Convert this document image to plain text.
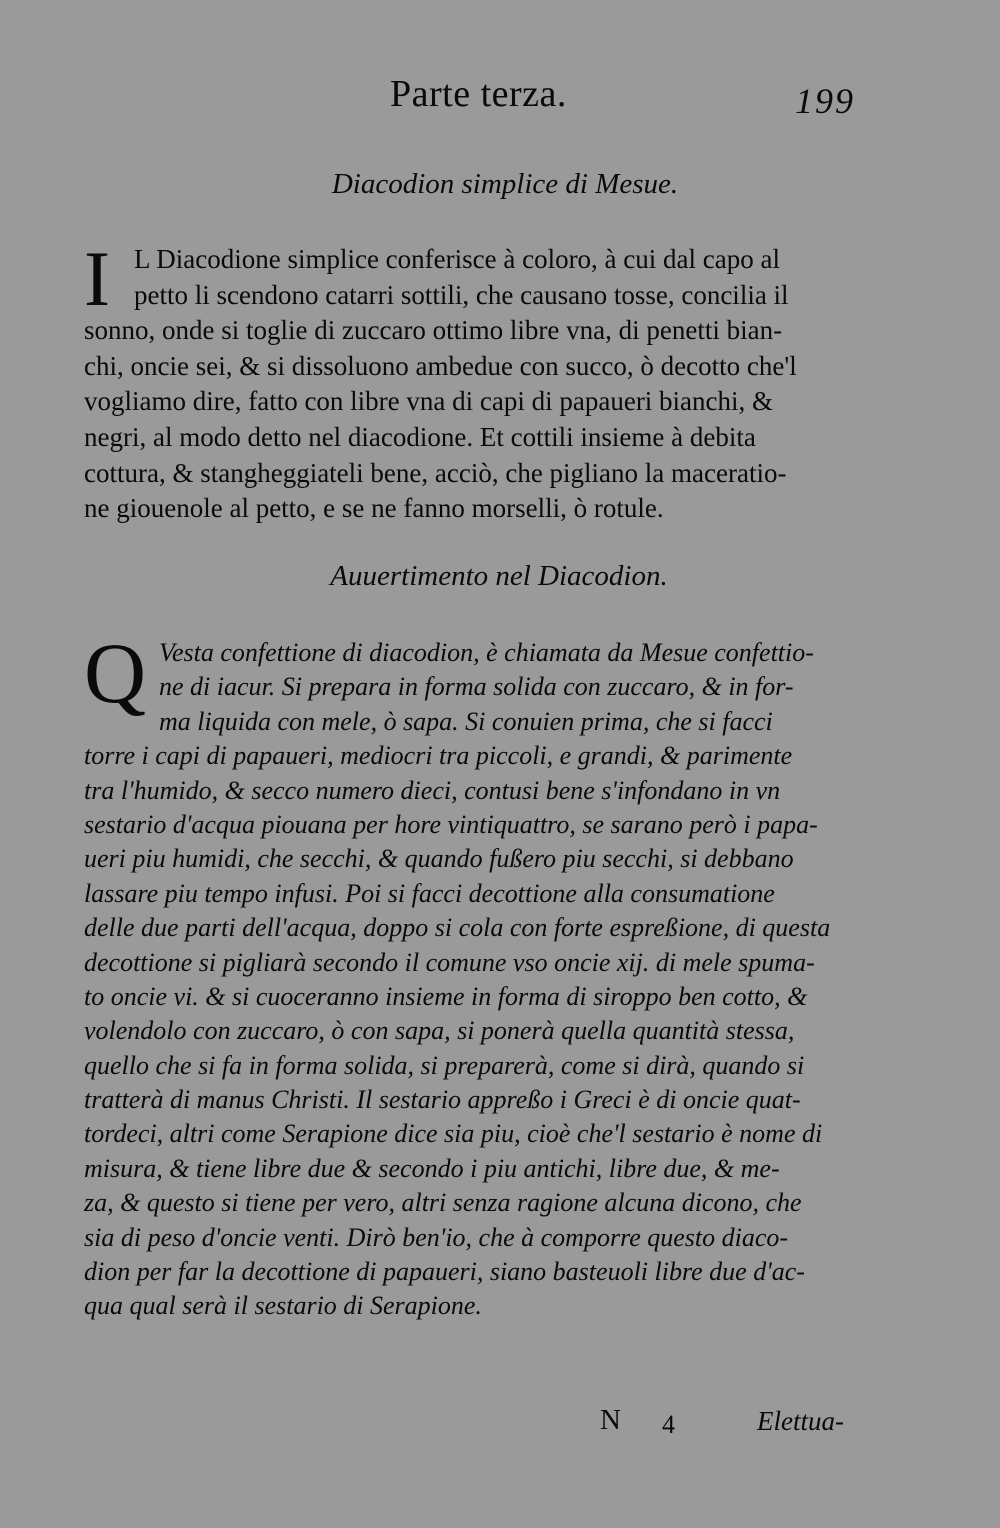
Parte terza.	199
Diacodion simplice di Mesue.
I L Diacodione simplice conferisce à coloro, à cui dal capo al
petto li scendono catarri sottili, che causano tosse, concilia il
sonno, onde si toglie di zuccaro ottimo libre vna, di penetti bian-
chi, oncie sei, & si dissoluono ambedue con succo, ò decotto che'l
vogliamo dire, fatto con libre vna di capi di papaueri bianchi, &
negri, al modo detto nel diacodione. Et cottili insieme à debita
cottura, & stangheggiateli bene, acciò, che pigliano la maceratio-
ne giouenole al petto, e se ne fanno morselli, ò rotule.
Auuertimento nel Diacodion.
Q Vesta confettione di diacodion, è chiamata da Mesue confettio-
ne di iacur. Si prepara in forma solida con zuccaro, & in for-
ma liquida con mele, ò sapa. Si conuien prima, che si facci
torre i capi di papaueri, mediocri tra piccoli, e grandi, & parimente
tra l'humido, & secco numero dieci, contusi bene s'infondano in vn
sestario d'acqua piouana per hore vintiquattro, se sarano però i papa-
ueri piu humidi, che secchi, & quando fußero piu secchi, si debbano
lassare piu tempo infusi. Poi si facci decottione alla consumatione
delle due parti dell'acqua, doppo si cola con forte espreßione, di questa
decottione si pigliarà secondo il comune vso oncie xij. di mele spuma-
to oncie vi. & si cuoceranno insieme in forma di siroppo ben cotto, &
volendolo con zuccaro, ò con sapa, si ponerà quella quantità stessa,
quello che si fa in forma solida, si preparerà, come si dirà, quando si
tratterà di manus Christi. Il sestario appreßo i Greci è di oncie quat-
tordeci, altri come Serapione dice sia piu, cioè che'l sestario è nome di
misura, & tiene libre due & secondo i piu antichi, libre due, & me-
za, & questo si tiene per vero, altri senza ragione alcuna dicono, che
sia di peso d'oncie venti. Dirò ben'io, che à comporre questo diaco-
dion per far la decottione di papaueri, siano basteuoli libre due d'ac-
qua qual serà il sestario di Serapione.
N 4	Elettua-
